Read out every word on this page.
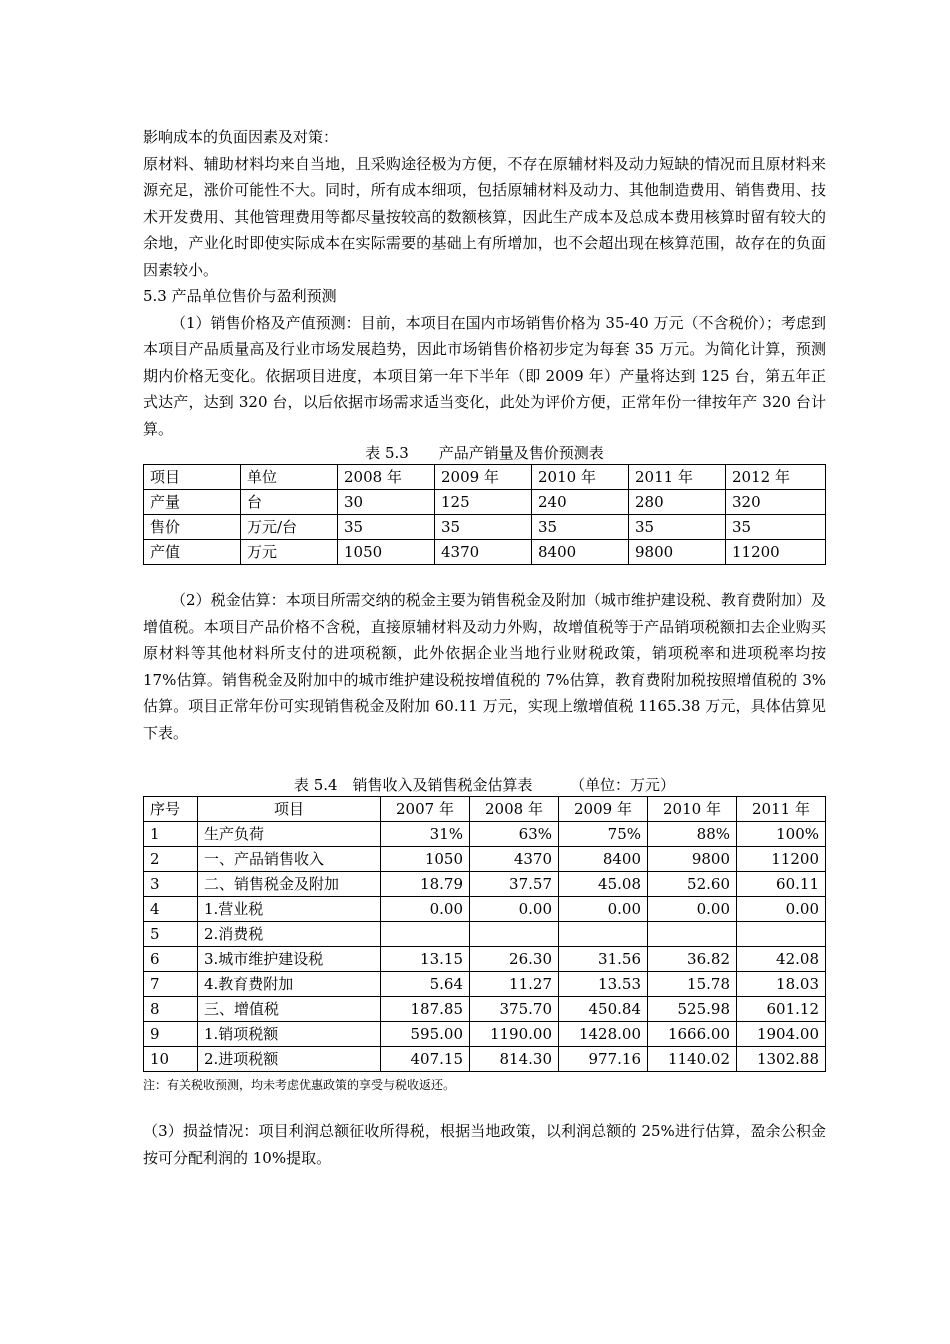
影响成本的负面因素及对策：

原材料、辅助材料均来自当地，且采购途径极为方便，不存在原辅材料及动力短缺的情况而且原材料来源充足，涨价可能性不大。同时，所有成本细项，包括原辅材料及动力、其他制造费用、销售费用、技术开发费用、其他管理费用等都尽量按较高的数额核算，因此生产成本及总成本费用核算时留有较大的余地，产业化时即使实际成本在实际需要的基础上有所增加，也不会超出现在核算范围，故存在的负面因素较小。

5.3 产品单位售价与盈利预测

（1）销售价格及产值预测：目前，本项目在国内市场销售价格为 35-40 万元（不含税价）；考虑到本项目产品质量高及行业市场发展趋势，因此市场销售价格初步定为每套 35 万元。为简化计算，预测期内价格无变化。依据项目进度，本项目第一年下半年（即 2009 年）产量将达到 125 台，第五年正式达产，达到 320 台，以后依据市场需求适当变化，此处为评价方便，正常年份一律按年产 320 台计算。

表 5.3　　产品产销量及售价预测表

项目	单位	2008 年	2009 年	2010 年	2011 年	2012 年
产量	台	30	125	240	280	320
售价	万元/台	35	35	35	35	35
产值	万元	1050	4370	8400	9800	11200

（2）税金估算：本项目所需交纳的税金主要为销售税金及附加（城市维护建设税、教育费附加）及增值税。本项目产品价格不含税，直接原辅材料及动力外购，故增值税等于产品销项税额扣去企业购买原材料等其他材料所支付的进项税额，此外依据企业当地行业财税政策，销项税率和进项税率均按 17%估算。销售税金及附加中的城市维护建设税按增值税的 7%估算，教育费附加税按照增值税的 3%估算。项目正常年份可实现销售税金及附加 60.11 万元，实现上缴增值税 1165.38 万元，具体估算见下表。

表 5.4　销售收入及销售税金估算表　　　（单位：万元）

序号	项目	2007 年	2008 年	2009 年	2010 年	2011 年
1	生产负荷	31%	63%	75%	88%	100%
2	一、产品销售收入	1050	4370	8400	9800	11200
3	二、销售税金及附加	18.79	37.57	45.08	52.60	60.11
4	1.营业税	0.00	0.00	0.00	0.00	0.00
5	2.消费税					
6	3.城市维护建设税	13.15	26.30	31.56	36.82	42.08
7	4.教育费附加	5.64	11.27	13.53	15.78	18.03
8	三、增值税	187.85	375.70	450.84	525.98	601.12
9	1.销项税额	595.00	1190.00	1428.00	1666.00	1904.00
10	2.进项税额	407.15	814.30	977.16	1140.02	1302.88

注：有关税收预测，均未考虑优惠政策的享受与税收返还。

（3）损益情况：项目利润总额征收所得税，根据当地政策，以利润总额的 25%进行估算，盈余公积金按可分配利润的 10%提取。
